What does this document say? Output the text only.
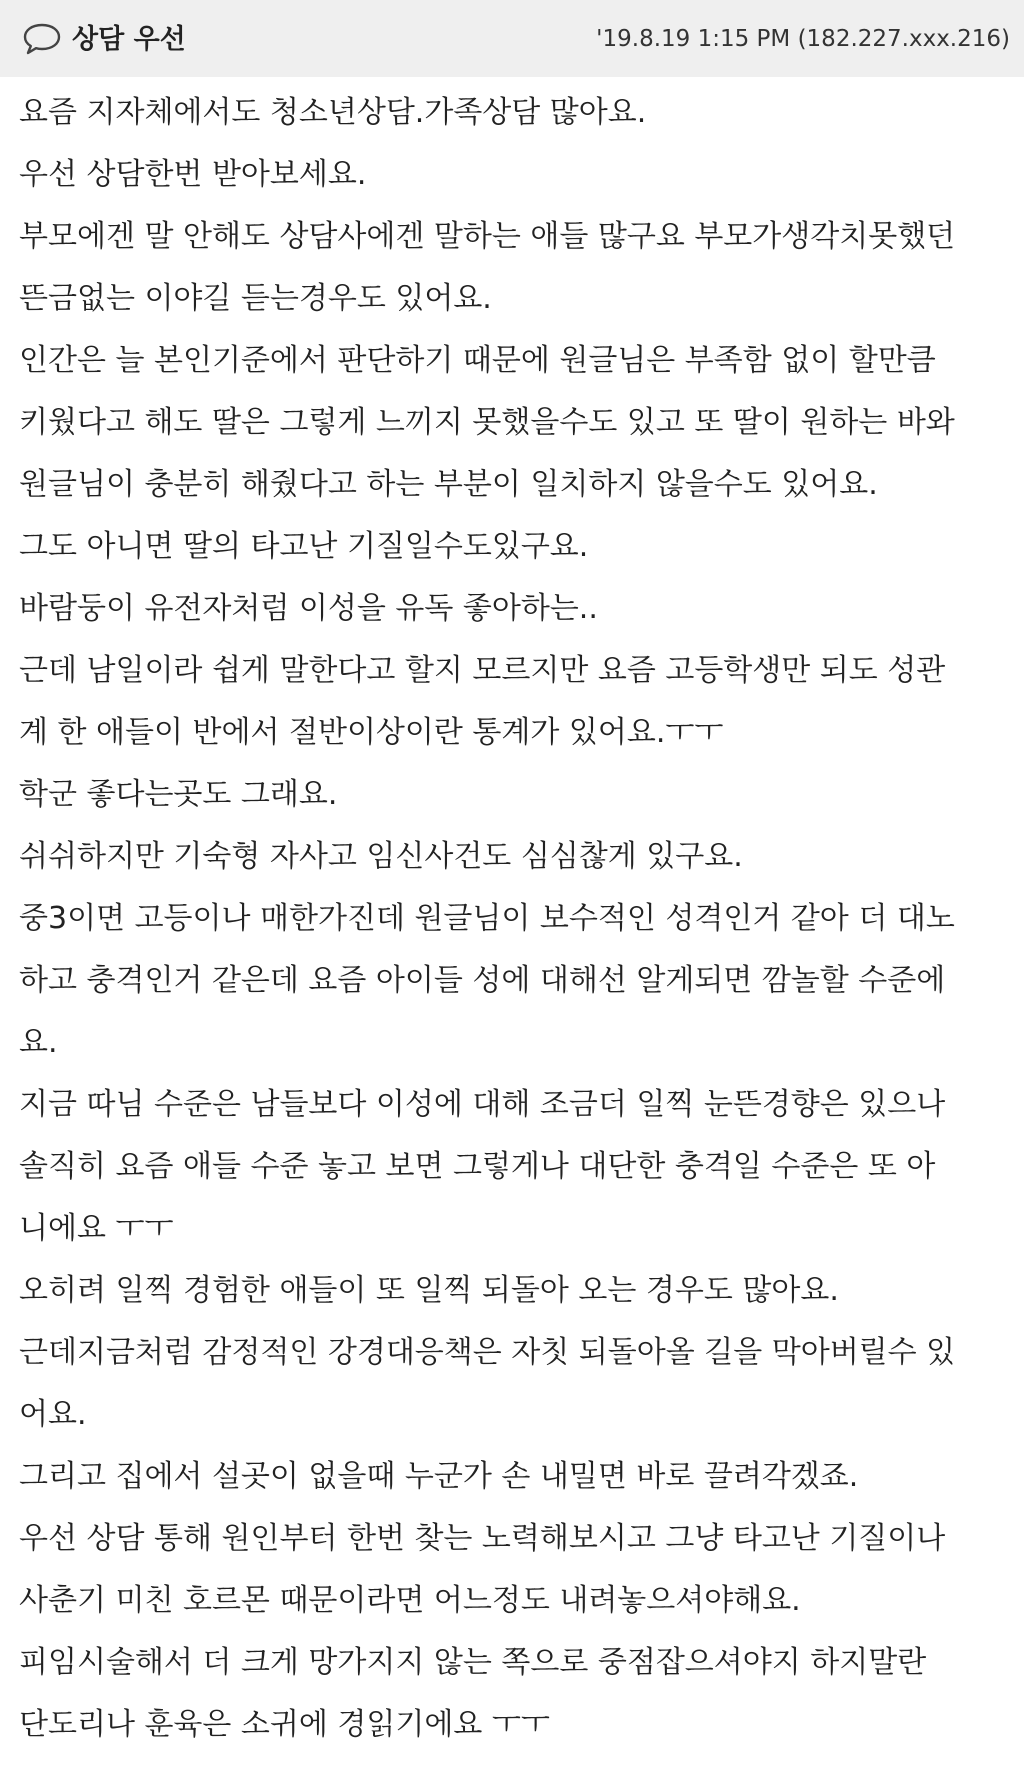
상담 우선	'19.8.19 1:15 PM (182.227.xxx.216)
요즘 지자체에서도 청소년상담.가족상담 많아요.
우선 상담한번 받아보세요.
부모에겐 말 안해도 상담사에겐 말하는 애들 많구요 부모가생각치못했던
뜬금없는 이야길 듣는경우도 있어요.
인간은 늘 본인기준에서 판단하기 때문에 원글님은 부족함 없이 할만큼
키웠다고 해도 딸은 그렇게 느끼지 못했을수도 있고 또 딸이 원하는 바와
원글님이 충분히 해줬다고 하는 부분이 일치하지 않을수도 있어요.
그도 아니면 딸의 타고난 기질일수도있구요.
바람둥이 유전자처럼 이성을 유독 좋아하는..
근데 남일이라 쉽게 말한다고 할지 모르지만 요즘 고등학생만 되도 성관
계 한 애들이 반에서 절반이상이란 통계가 있어요.ㅜㅜ
학군 좋다는곳도 그래요.
쉬쉬하지만 기숙형 자사고 임신사건도 심심찮게 있구요.
중3이면 고등이나 매한가진데 원글님이 보수적인 성격인거 같아 더 대노
하고 충격인거 같은데 요즘 아이들 성에 대해선 알게되면 깜놀할 수준에
요.
지금 따님 수준은 남들보다 이성에 대해 조금더 일찍 눈뜬경향은 있으나
솔직히 요즘 애들 수준 놓고 보면 그렇게나 대단한 충격일 수준은 또 아
니에요 ㅜㅜ
오히려 일찍 경험한 애들이 또 일찍 되돌아 오는 경우도 많아요.
근데지금처럼 감정적인 강경대응책은 자칫 되돌아올 길을 막아버릴수 있
어요.
그리고 집에서 설곳이 없을때 누군가 손 내밀면 바로 끌려각겠죠.
우선 상담 통해 원인부터 한번 찾는 노력해보시고 그냥 타고난 기질이나
사춘기 미친 호르몬 때문이라면 어느정도 내려놓으셔야해요.
피임시술해서 더 크게 망가지지 않는 쪽으로 중점잡으셔야지 하지말란
단도리나 훈육은 소귀에 경읽기에요 ㅜㅜ
